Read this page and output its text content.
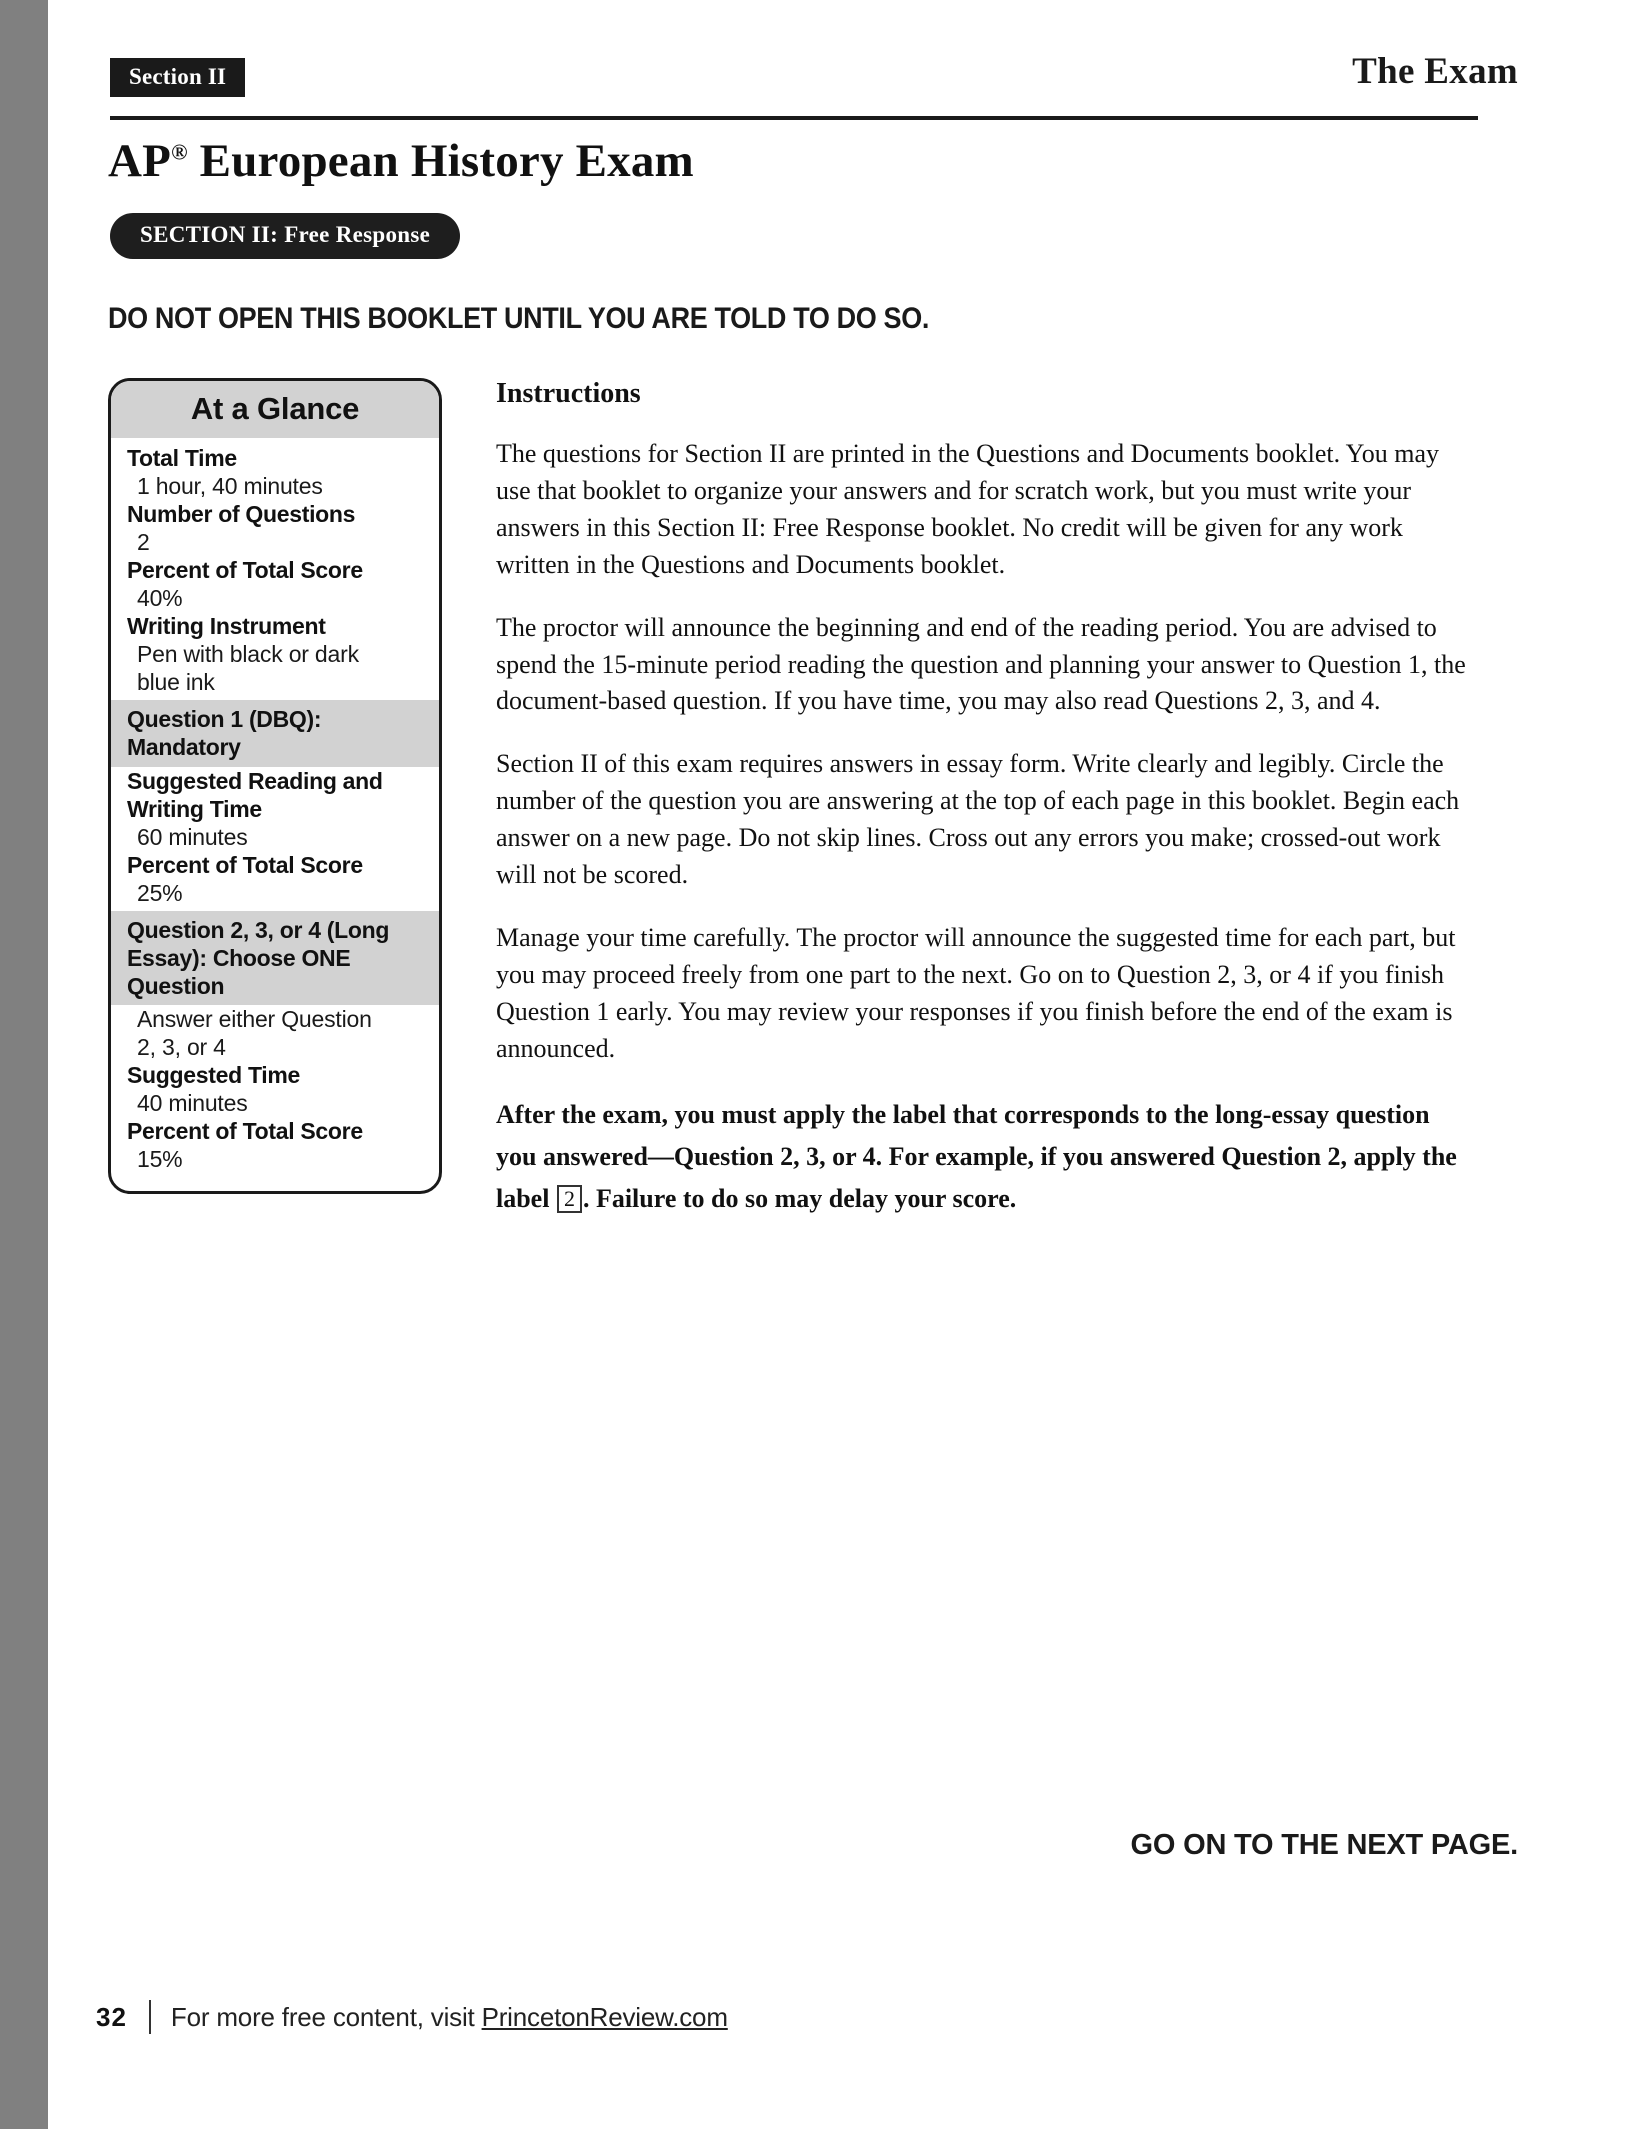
Section II	The Exam
AP® European History Exam
SECTION II: Free Response
DO NOT OPEN THIS BOOKLET UNTIL YOU ARE TOLD TO DO SO.
At a Glance
Total Time
1 hour, 40 minutes
Number of Questions
2
Percent of Total Score
40%
Writing Instrument
Pen with black or dark
blue ink
Question 1 (DBQ):
Mandatory
Suggested Reading and
Writing Time
60 minutes
Percent of Total Score
25%
Question 2, 3, or 4 (Long
Essay): Choose ONE
Question
Answer either Question
2, 3, or 4
Suggested Time
40 minutes
Percent of Total Score
15%
Instructions

The questions for Section II are printed in the Questions and Documents booklet. You may use that booklet to organize your answers and for scratch work, but you must write your answers in this Section II: Free Response booklet. No credit will be given for any work written in the Questions and Documents booklet.

The proctor will announce the beginning and end of the reading period. You are advised to spend the 15-minute period reading the question and planning your answer to Question 1, the document-based question. If you have time, you may also read Questions 2, 3, and 4.

Section II of this exam requires answers in essay form. Write clearly and legibly. Circle the number of the question you are answering at the top of each page in this booklet. Begin each answer on a new page. Do not skip lines. Cross out any errors you make; crossed-out work will not be scored.

Manage your time carefully. The proctor will announce the suggested time for each part, but you may proceed freely from one part to the next. Go on to Question 2, 3, or 4 if you finish Question 1 early. You may review your responses if you finish before the end of the exam is announced.

After the exam, you must apply the label that corresponds to the long-essay question you answered—Question 2, 3, or 4. For example, if you answered Question 2, apply the label 2 . Failure to do so may delay your score.

GO ON TO THE NEXT PAGE.
32 For more free content, visit PrincetonReview.com
